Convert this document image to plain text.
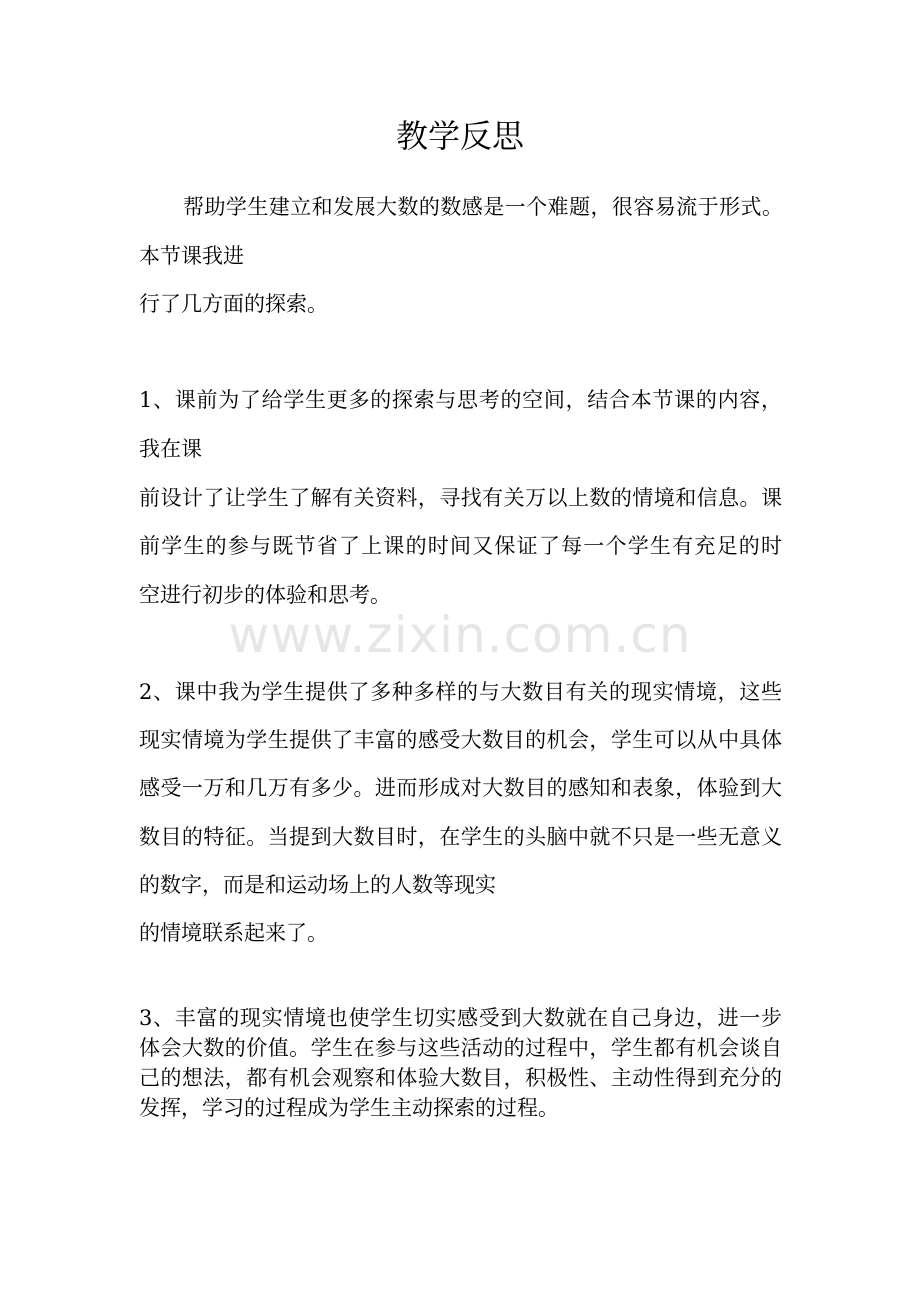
教学反思
帮助学生建立和发展大数的数感是一个难题，很容易流于形式。
本节课我进
行了几方面的探索。
1、课前为了给学生更多的探索与思考的空间，结合本节课的内容，
我在课
前设计了让学生了解有关资料，寻找有关万以上数的情境和信息。课
前学生的参与既节省了上课的时间又保证了每一个学生有充足的时
空进行初步的体验和思考。
www.zixin.com.cn
2、课中我为学生提供了多种多样的与大数目有关的现实情境，这些
现实情境为学生提供了丰富的感受大数目的机会，学生可以从中具体
感受一万和几万有多少。进而形成对大数目的感知和表象，体验到大
数目的特征。当提到大数目时，在学生的头脑中就不只是一些无意义
的数字，而是和运动场上的人数等现实
的情境联系起来了。
3、丰富的现实情境也使学生切实感受到大数就在自己身边，进一步
体会大数的价值。学生在参与这些活动的过程中，学生都有机会谈自
己的想法，都有机会观察和体验大数目，积极性、主动性得到充分的
发挥，学习的过程成为学生主动探索的过程。
